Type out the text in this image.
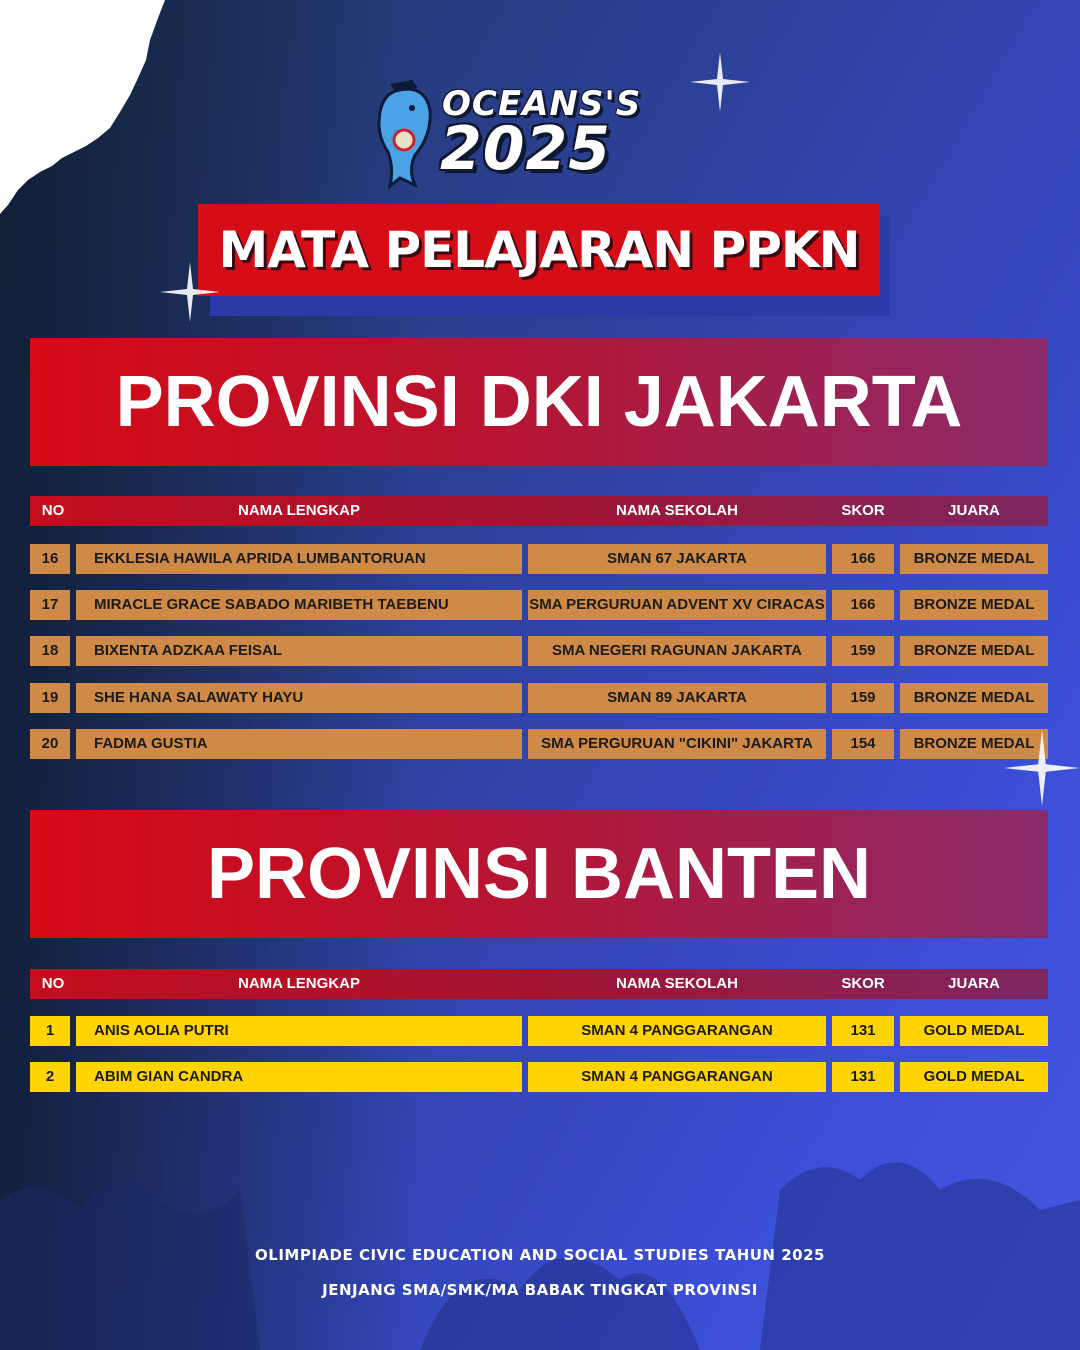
OCEANS'S
2025
MATA PELAJARAN PPKN
PROVINSI DKI JAKARTA
NO	NAMA LENGKAP	NAMA SEKOLAH	SKOR	JUARA
16	EKKLESIA HAWILA APRIDA LUMBANTORUAN	SMAN 67 JAKARTA	166	BRONZE MEDAL
17	MIRACLE GRACE SABADO MARIBETH TAEBENU	SMA PERGURUAN ADVENT XV CIRACAS	166	BRONZE MEDAL
18	BIXENTA ADZKAA FEISAL	SMA NEGERI RAGUNAN JAKARTA	159	BRONZE MEDAL
19	SHE HANA SALAWATY HAYU	SMAN 89 JAKARTA	159	BRONZE MEDAL
20	FADMA GUSTIA	SMA PERGURUAN "CIKINI" JAKARTA	154	BRONZE MEDAL
PROVINSI BANTEN
NO	NAMA LENGKAP	NAMA SEKOLAH	SKOR	JUARA
1	ANIS AOLIA PUTRI	SMAN 4 PANGGARANGAN	131	GOLD MEDAL
2	ABIM GIAN CANDRA	SMAN 4 PANGGARANGAN	131	GOLD MEDAL
OLIMPIADE CIVIC EDUCATION AND SOCIAL STUDIES TAHUN 2025
JENJANG SMA/SMK/MA BABAK TINGKAT PROVINSI
